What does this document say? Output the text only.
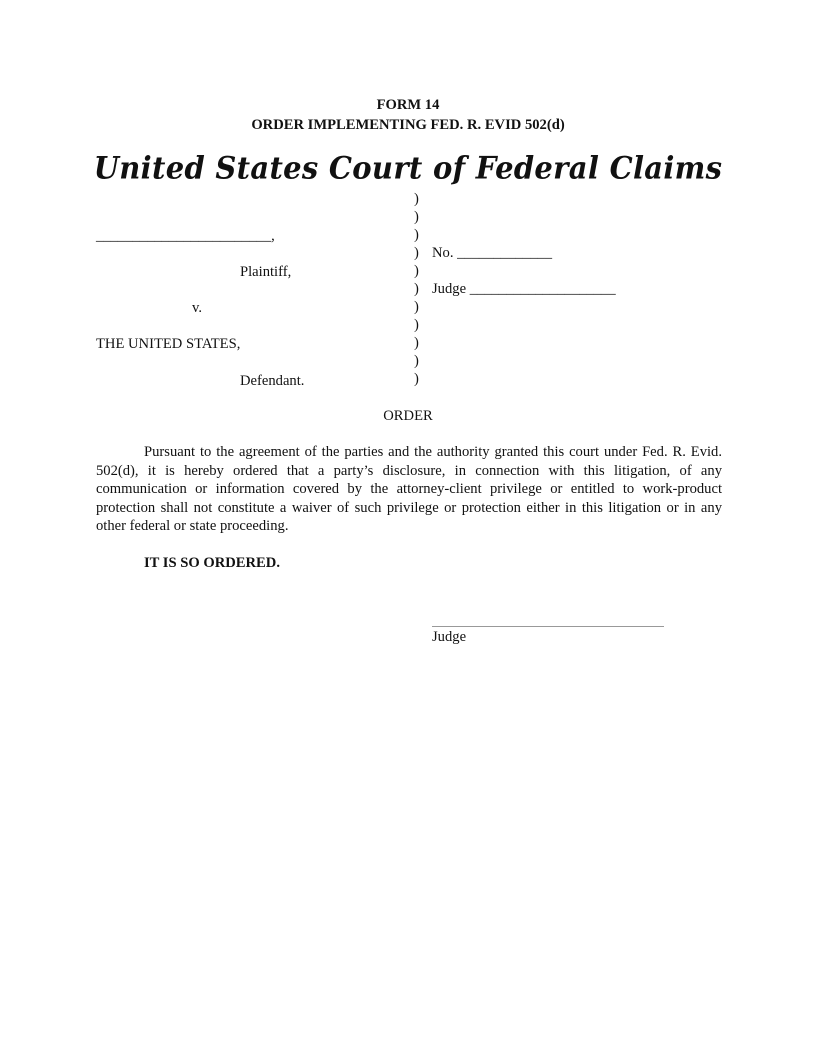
FORM 14
ORDER IMPLEMENTING FED. R. EVID 502(d)
United States Court of Federal Claims
________________________,
Plaintiff,
v.
THE UNITED STATES,
Defendant.
)
)
)
)
)
)
)
)
)
)
)
No. _____________
Judge ____________________
ORDER
Pursuant to the agreement of the parties and the authority granted this court under Fed. R. Evid. 502(d), it is hereby ordered that a party’s disclosure, in connection with this litigation, of any communication or information covered by the attorney-client privilege or entitled to work-product protection shall not constitute a waiver of such privilege or protection either in this litigation or in any other federal or state proceeding.
IT IS SO ORDERED.
Judge
